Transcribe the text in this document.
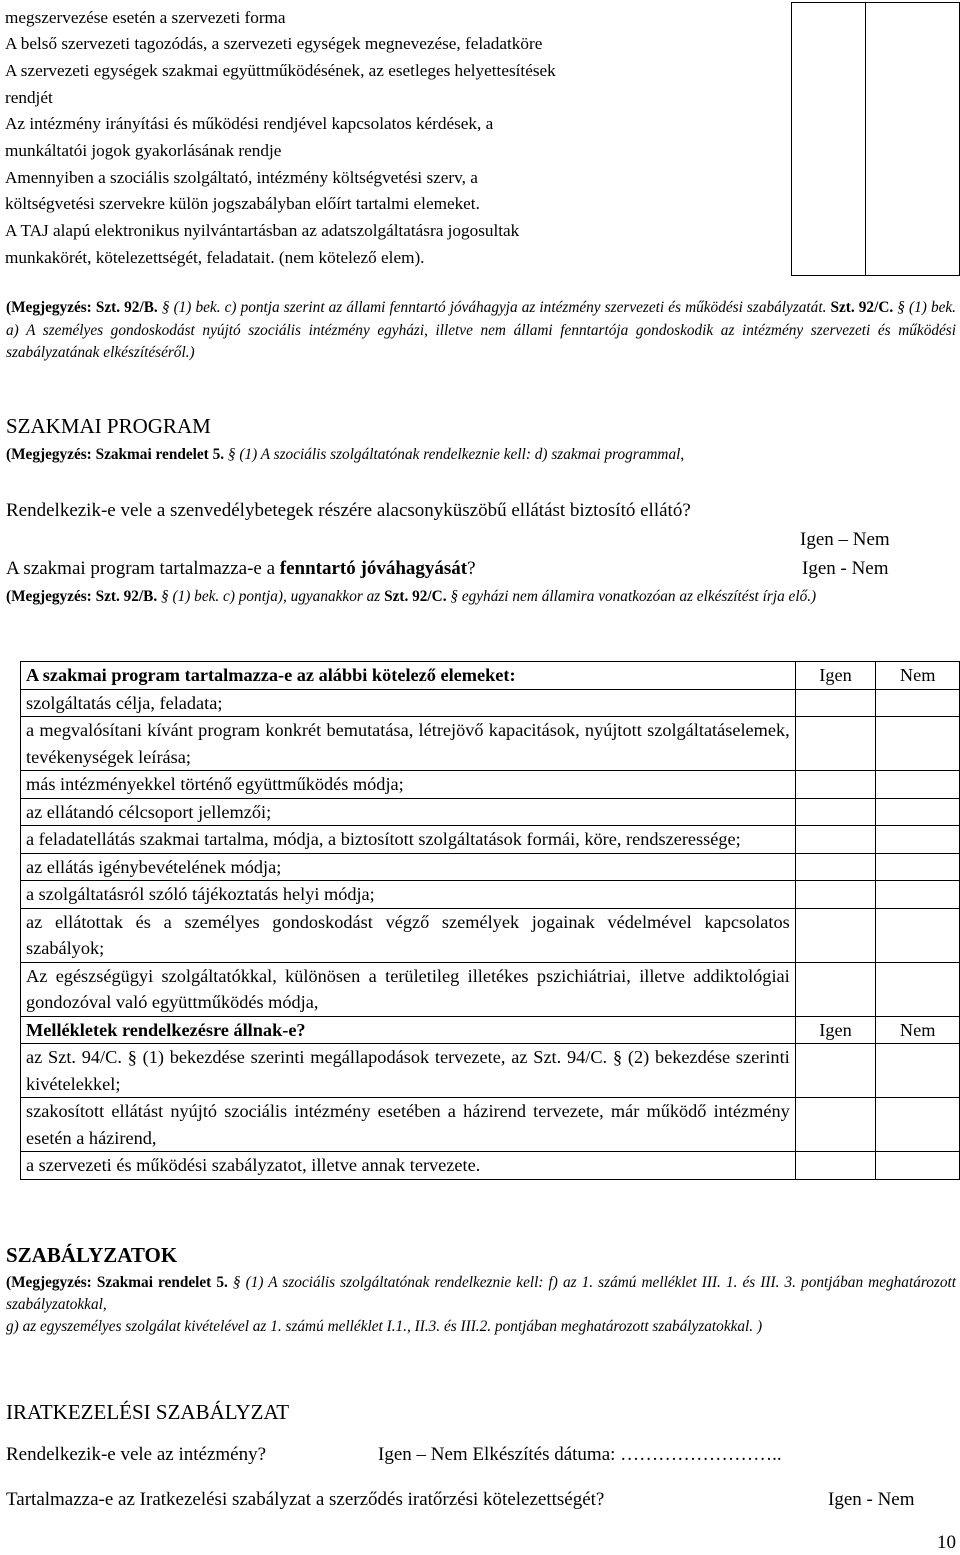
megszervezése esetén a szervezeti forma
A belső szervezeti tagozódás, a szervezeti egységek megnevezése, feladatköre
A szervezeti egységek szakmai együttműködésének, az esetleges helyettesítések
rendjét
Az intézmény irányítási és működési rendjével kapcsolatos kérdések, a
munkáltatói jogok gyakorlásának rendje
Amennyiben a szociális szolgáltató, intézmény költségvetési szerv, a
költségvetési szervekre külön jogszabályban előírt tartalmi elemeket.
A TAJ alapú elektronikus nyilvántartásban az adatszolgáltatásra jogosultak
munkakörét, kötelezettségét, feladatait. (nem kötelező elem).

(Megjegyzés: Szt. 92/B. § (1) bek. c) pontja szerint az állami fenntartó jóváhagyja az intézmény szervezeti és működési szabályzatát. Szt. 92/C. § (1) bek. a) A személyes gondoskodást nyújtó szociális intézmény egyházi, illetve nem állami fenntartója gondoskodik az intézmény szervezeti és működési szabályzatának elkészítéséről.)
SZAKMAI PROGRAM
(Megjegyzés: Szakmai rendelet 5. § (1) A szociális szolgáltatónak rendelkeznie kell: d) szakmai programmal,
Rendelkezik-e vele a szenvedélybetegek részére alacsonyküszöbű ellátást biztosító ellátó?
Igen – Nem
A szakmai program tartalmazza-e a fenntartó jóváhagyását?	Igen - Nem
(Megjegyzés: Szt. 92/B. § (1) bek. c) pontja), ugyanakkor az Szt. 92/C. § egyházi nem államira vonatkozóan az elkészítést írja elő.)
A szakmai program tartalmazza-e az alábbi kötelező elemeket:	Igen	Nem
szolgáltatás célja, feladata;		
a megvalósítani kívánt program konkrét bemutatása, létrejövő kapacitások, nyújtott szolgáltatáselemek, tevékenységek leírása;		
más intézményekkel történő együttműködés módja;		
az ellátandó célcsoport jellemzői;		
a feladatellátás szakmai tartalma, módja, a biztosított szolgáltatások formái, köre, rendszeressége;		
az ellátás igénybevételének módja;		
a szolgáltatásról szóló tájékoztatás helyi módja;		
az ellátottak és a személyes gondoskodást végző személyek jogainak védelmével kapcsolatos szabályok;		
Az egészségügyi szolgáltatókkal, különösen a területileg illetékes pszichiátriai, illetve addiktológiai gondozóval való együttműködés módja,		
Mellékletek rendelkezésre állnak-e?	Igen	Nem
az Szt. 94/C. § (1) bekezdése szerinti megállapodások tervezete, az Szt. 94/C. § (2) bekezdése szerinti kivételekkel;		
szakosított ellátást nyújtó szociális intézmény esetében a házirend tervezete, már működő intézmény esetén a házirend,		
a szervezeti és működési szabályzatot, illetve annak tervezete.		
SZABÁLYZATOK
(Megjegyzés: Szakmai rendelet 5. § (1) A szociális szolgáltatónak rendelkeznie kell: f) az 1. számú melléklet III. 1. és III. 3. pontjában meghatározott szabályzatokkal,
g) az egyszemélyes szolgálat kivételével az 1. számú melléklet I.1., II.3. és III.2. pontjában meghatározott szabályzatokkal. )
IRATKEZELÉSI SZABÁLYZAT
Rendelkezik-e vele az intézmény?	Igen – Nem Elkészítés dátuma: ……………………..
Tartalmazza-e az Iratkezelési szabályzat a szerződés iratőrzési kötelezettségét?	Igen - Nem
10
